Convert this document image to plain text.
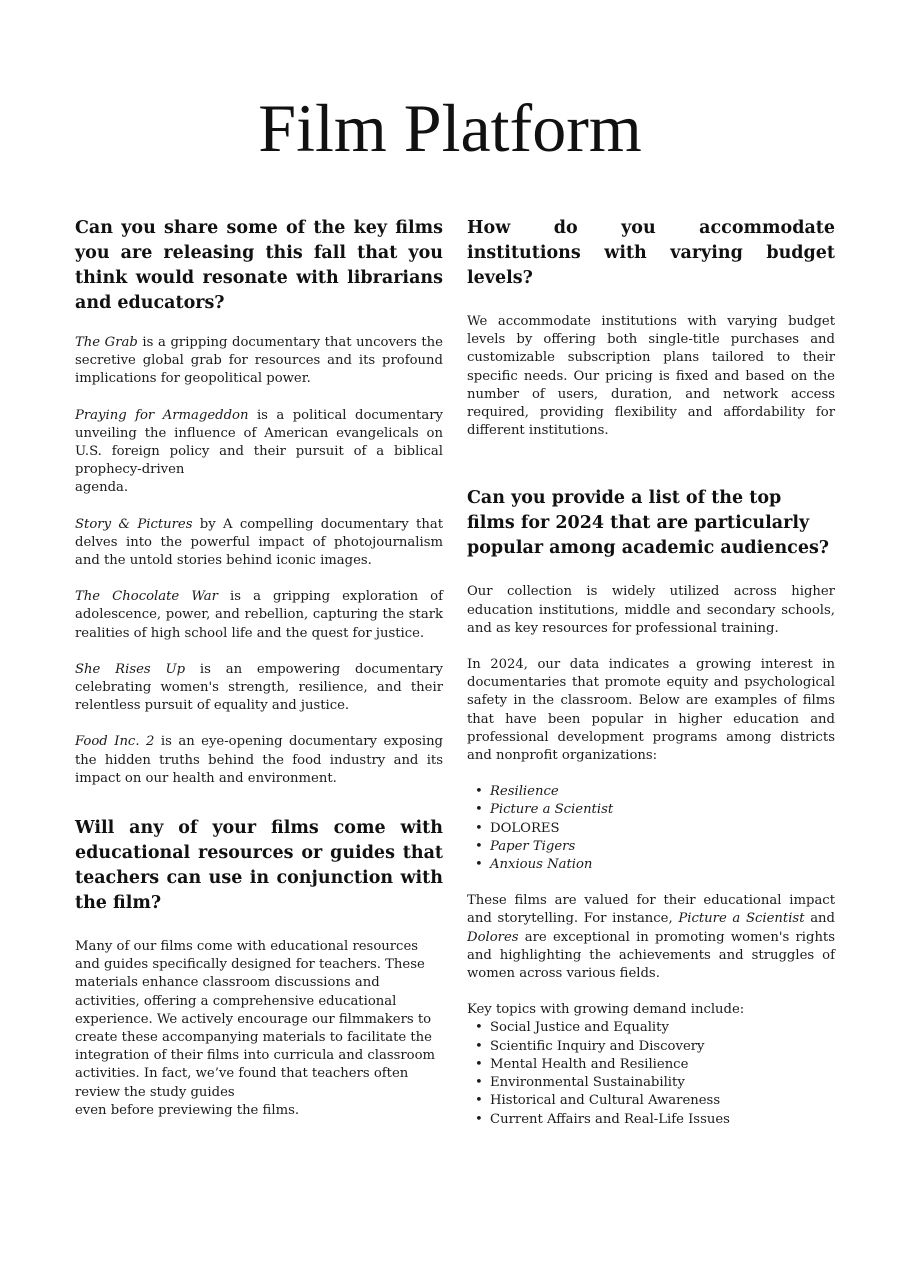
Film Platform
Can you share some of the key films you are releasing this fall that you think would resonate with librarians and educators?

The Grab is a gripping documentary that uncovers the secretive global grab for resources and its profound implications for geopolitical power.

Praying for Armageddon is a political documentary unveiling the influence of American evangelicals on U.S. foreign policy and their pursuit of a biblical prophecy-driven
agenda.

Story & Pictures by A compelling documentary that delves into the powerful impact of photojournalism and the untold stories behind iconic images.

The Chocolate War is a gripping exploration of adolescence, power, and rebellion, capturing the stark realities of high school life and the quest for justice.

She Rises Up is an empowering documentary celebrating women's strength, resilience, and their relentless pursuit of equality and justice.

Food Inc. 2 is an eye-opening documentary exposing the hidden truths behind the food industry and its impact on our health and environment.

Will any of your films come with educational resources or guides that teachers can use in conjunction with the film?

Many of our films come with educational resources and guides specifically designed for teachers. These materials enhance classroom discussions and activities, offering a comprehensive educational experience. We actively encourage our filmmakers to create these accompanying materials to facilitate the integration of their films into curricula and classroom activities. In fact, we’ve found that teachers often review the study guides
even before previewing the films.

How do you accommodate institutions with varying budget levels?

We accommodate institutions with varying budget levels by offering both single-title purchases and customizable subscription plans tailored to their specific needs. Our pricing is fixed and based on the number of users, duration, and network access required, providing flexibility and affordability for different institutions.

Can you provide a list of the top films for 2024 that are particularly popular among academic audiences?

Our collection is widely utilized across higher education institutions, middle and secondary schools, and as key resources for professional training.

In 2024, our data indicates a growing interest in documentaries that promote equity and psychological safety in the classroom. Below are examples of films that have been popular in higher education and professional development programs among districts and nonprofit organizations:

• Resilience
• Picture a Scientist
• DOLORES
• Paper Tigers
• Anxious Nation

These films are valued for their educational impact and storytelling. For instance, Picture a Scientist and Dolores are exceptional in promoting women's rights and highlighting the achievements and struggles of women across various fields.

Key topics with growing demand include:

• Social Justice and Equality
• Scientific Inquiry and Discovery
• Mental Health and Resilience
• Environmental Sustainability
• Historical and Cultural Awareness
• Current Affairs and Real-Life Issues
